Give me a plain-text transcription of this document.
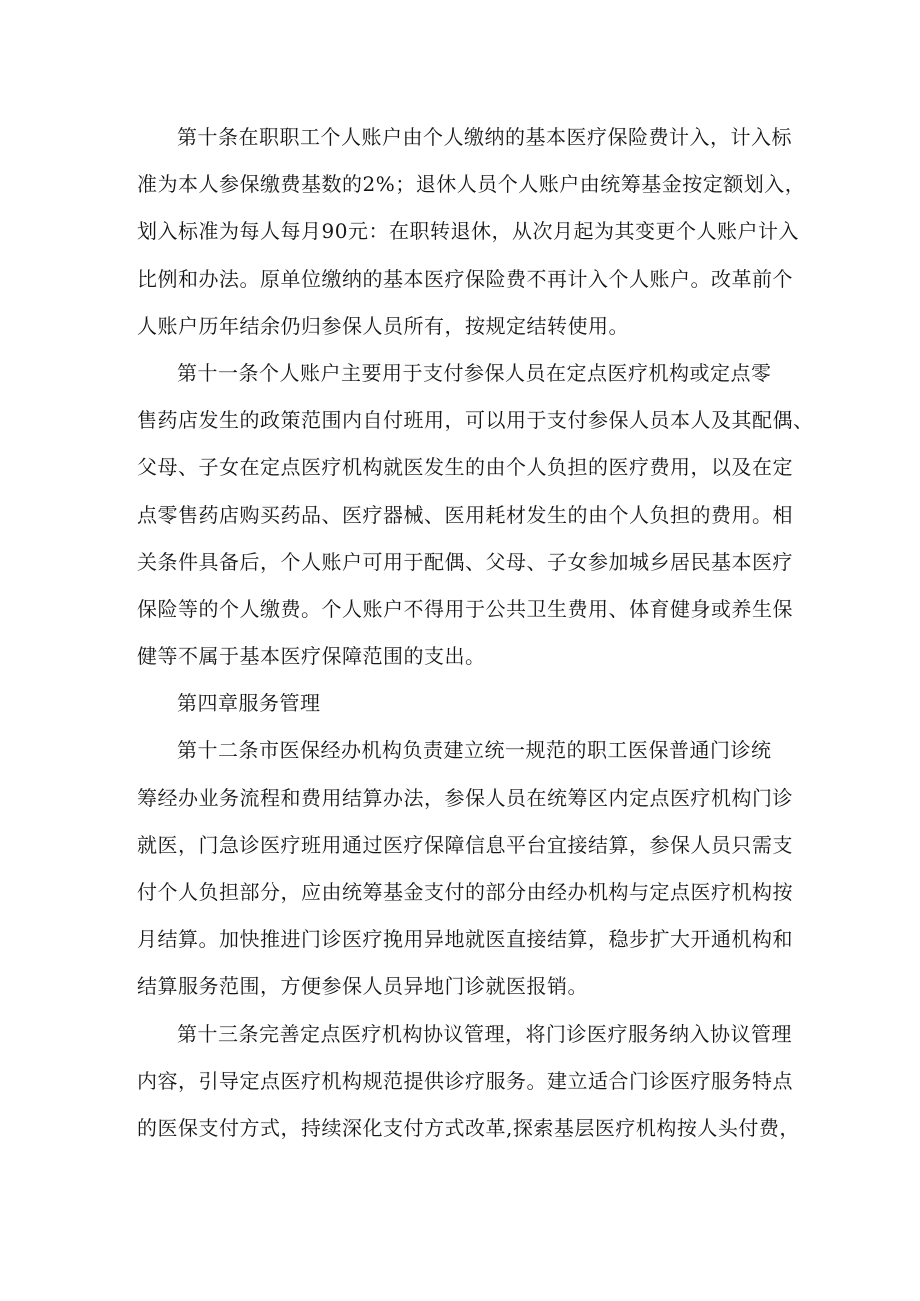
第十条在职职工个人账户由个人缴纳的基本医疗保险费计入，计入标
准为本人参保缴费基数的2%；退休人员个人账户由统筹基金按定额划入，
划入标准为每人每月90元：在职转退休，从次月起为其变更个人账户计入
比例和办法。原单位缴纳的基本医疗保险费不再计入个人账户。改革前个
人账户历年结余仍归参保人员所有，按规定结转使用。
第十一条个人账户主要用于支付参保人员在定点医疗机构或定点零
售药店发生的政策范围内自付班用，可以用于支付参保人员本人及其配偶、
父母、子女在定点医疗机构就医发生的由个人负担的医疗费用，以及在定
点零售药店购买药品、医疗器械、医用耗材发生的由个人负担的费用。相
关条件具备后，个人账户可用于配偶、父母、子女参加城乡居民基本医疗
保险等的个人缴费。个人账户不得用于公共卫生费用、体育健身或养生保
健等不属于基本医疗保障范围的支出。
第四章服务管理
第十二条市医保经办机构负责建立统一规范的职工医保普通门诊统
筹经办业务流程和费用结算办法，参保人员在统筹区内定点医疗机构门诊
就医，门急诊医疗班用通过医疗保障信息平台宜接结算，参保人员只需支
付个人负担部分，应由统筹基金支付的部分由经办机构与定点医疗机构按
月结算。加快推进门诊医疗挽用异地就医直接结算，稳步扩大开通机构和
结算服务范围，方便参保人员异地门诊就医报销。
第十三条完善定点医疗机构协议管理，将门诊医疗服务纳入协议管理
内容，引导定点医疗机构规范提供诊疗服务。建立适合门诊医疗服务特点
的医保支付方式，持续深化支付方式改革,探索基层医疗机构按人头付费，
